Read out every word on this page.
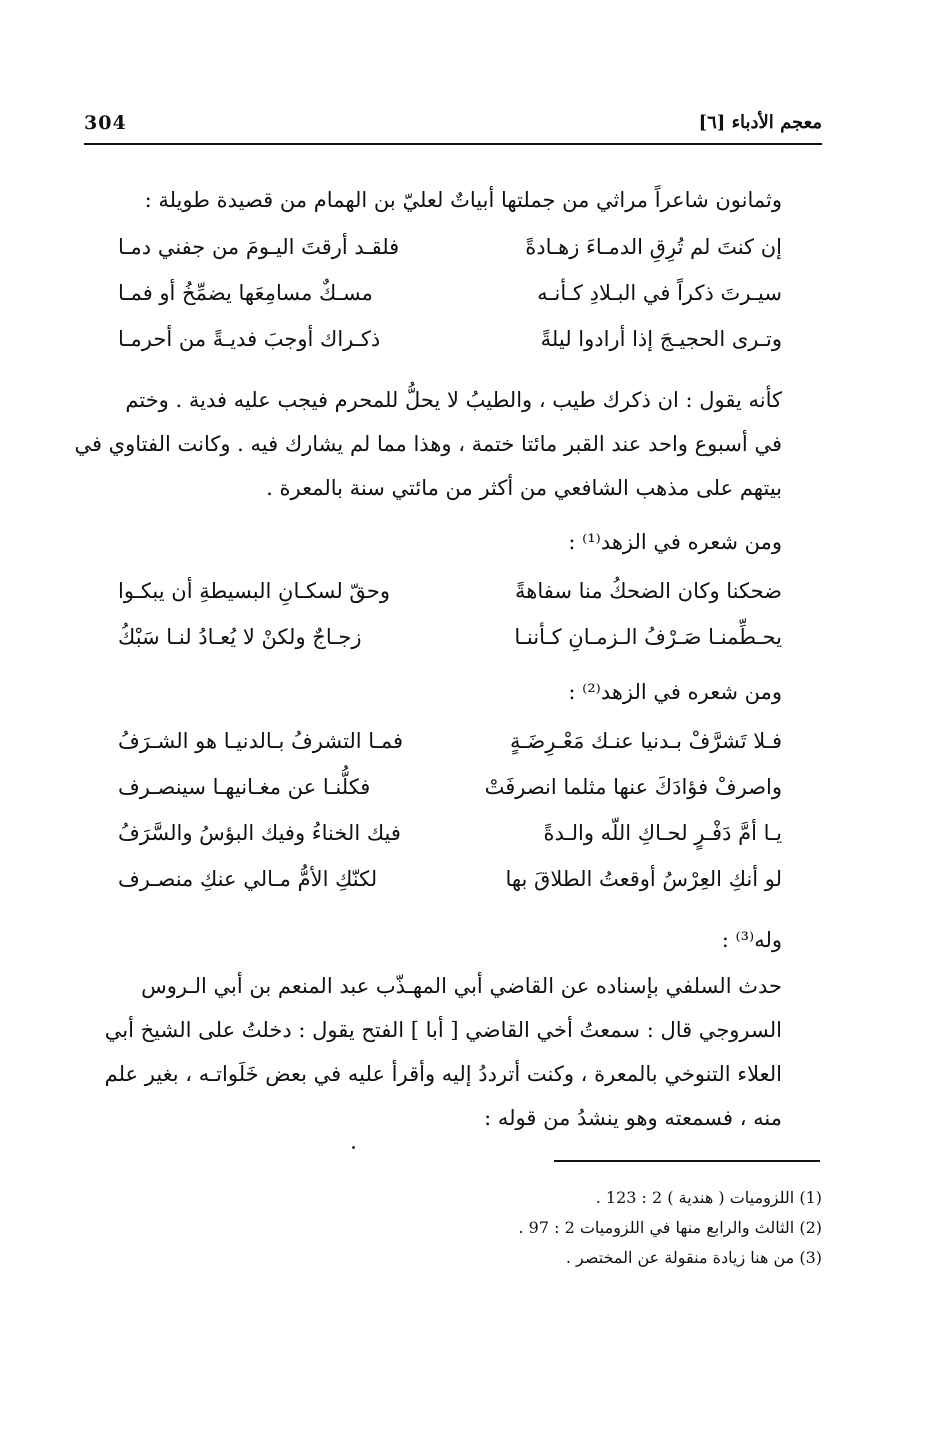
304	معجم الأدباء [٦]
وثمانون شاعراً مراثي من جملتها أبياتٌ لعليّ بن الهمام من قصيدة طويلة :
إن كنتَ لم تُرِقِ الدمـاءَ زهـادةً
فلقـد أرقتَ اليـومَ من جفني دمـا
سيـرتَ ذكراً في البـلادِ كـأنـه
مسـكٌ مسامِعَها يضمِّخُ أو فمـا
وتـرى الحجيـجَ إذا أرادوا ليلةً
ذكـراك أوجبَ فديـةً من أحرمـا
كأنه يقول : ان ذكرك طيب ، والطيبُ لا يحلُّ للمحرم فيجب عليه فدية . وختم
في أسبوع واحد عند القبر مائتا ختمة ، وهذا مما لم يشارك فيه . وكانت الفتاوي في
بيتهم على مذهب الشافعي من أكثر من مائتي سنة بالمعرة .
ومن شعره في الزهد⁽¹⁾ :
ضحكنا وكان الضحكُ منا سفاهةً
وحقّ لسكـانِ البسيطةِ أن يبكـوا
يحـطِّمنـا صَـرْفُ الـزمـانِ كـأننـا
زجـاجٌ ولكنْ لا يُعـادُ لنـا سَبْكُ
ومن شعره في الزهد⁽²⁾ :
فـلا تَشرَّفْ بـدنيا عنـك مَعْـرِضَـةٍ
فمـا التشرفُ بـالدنيـا هو الشـرَفُ
واصرفْ فؤادَكَ عنها مثلما انصرفَتْ
فكلُّنـا عن مغـانيهـا سينصـرف
يـا أمَّ دَفْـرٍ لحـاكِ اللّه والـدةً
فيك الخناءُ وفيك البؤسُ والسَّرَفُ
لو أنكِ العِرْسُ أوقعتُ الطلاقَ بها
لكنّكِ الأمُّ مـالي عنكِ منصـرف
وله⁽³⁾ :
حدث السلفي بإسناده عن القاضي أبي المهـذّب عبد المنعم بن أبي الـروس
السروجي قال : سمعتُ أخي القاضي [ أبا ] الفتح يقول : دخلتُ على الشيخ أبي
العلاء التنوخي بالمعرة ، وكنت أترددُ إليه وأقرأ عليه في بعض خَلَواتـه ، بغير علم
منه ، فسمعته وهو ينشدُ من قوله :
(1) اللزوميات ( هندية ) 2 : 123 .
(2) الثالث والرابع منها في اللزوميات 2 : 97 .
(3) من هنا زيادة منقولة عن المختصر .
